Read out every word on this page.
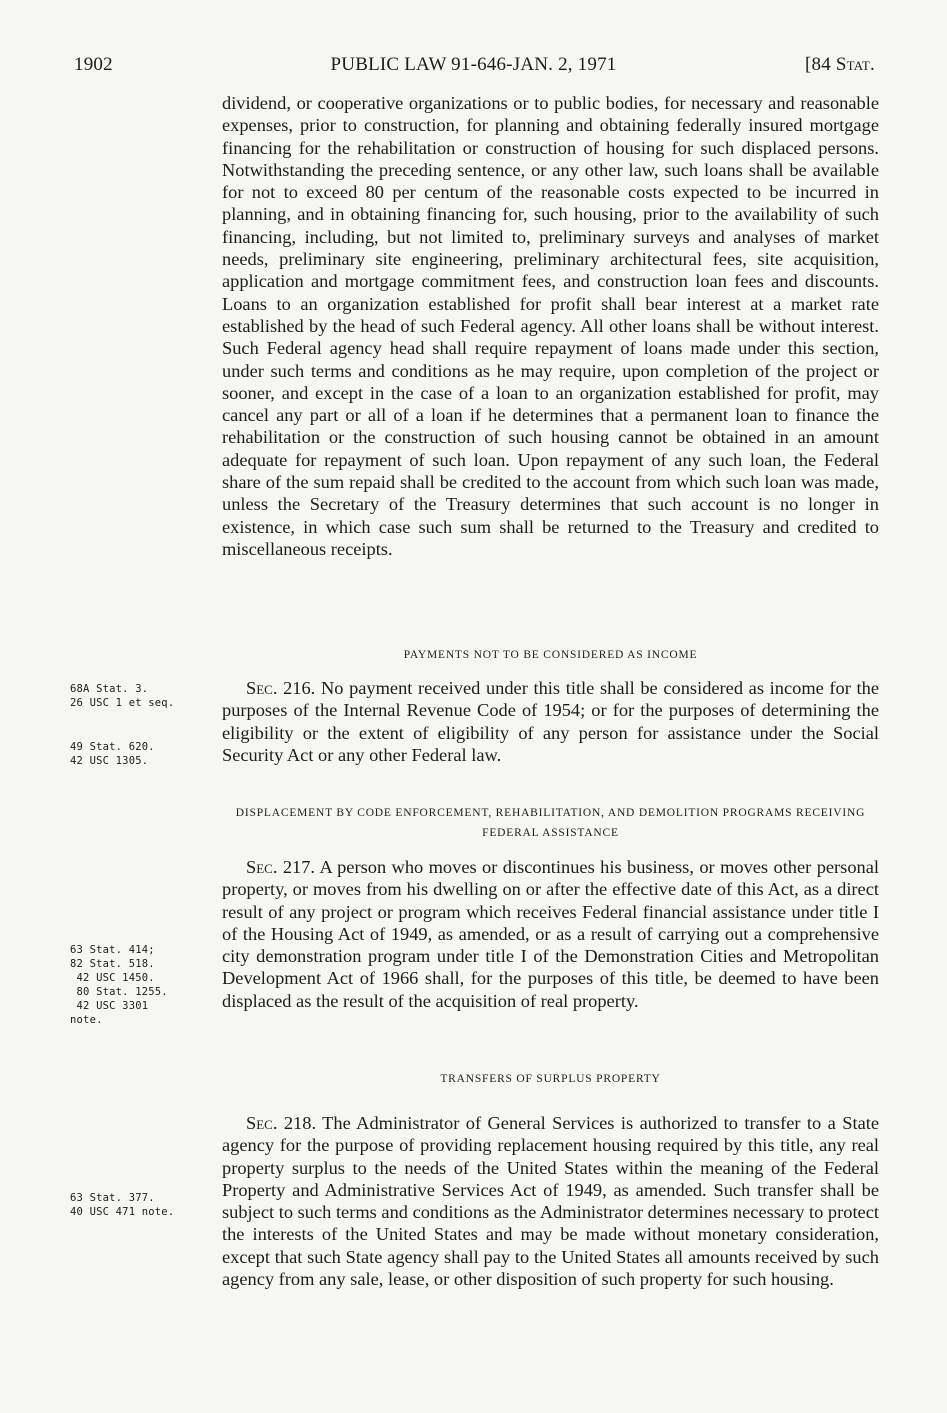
1902	PUBLIC LAW 91-646-JAN. 2, 1971	[84 Stat.

dividend, or cooperative organizations or to public bodies, for necessary and reasonable expenses, prior to construction, for planning and obtaining federally insured mortgage financing for the rehabilitation or construction of housing for such displaced persons. Notwithstanding the preceding sentence, or any other law, such loans shall be available for not to exceed 80 per centum of the reasonable costs expected to be incurred in planning, and in obtaining financing for, such housing, prior to the availability of such financing, including, but not limited to, preliminary surveys and analyses of market needs, preliminary site engineering, preliminary architectural fees, site acquisition, application and mortgage commitment fees, and construction loan fees and discounts. Loans to an organization established for profit shall bear interest at a market rate established by the head of such Federal agency. All other loans shall be without interest. Such Federal agency head shall require repayment of loans made under this section, under such terms and conditions as he may require, upon completion of the project or sooner, and except in the case of a loan to an organization established for profit, may cancel any part or all of a loan if he determines that a permanent loan to finance the rehabilitation or the construction of such housing cannot be obtained in an amount adequate for repayment of such loan. Upon repayment of any such loan, the Federal share of the sum repaid shall be credited to the account from which such loan was made, unless the Secretary of the Treasury determines that such account is no longer in existence, in which case such sum shall be returned to the Treasury and credited to miscellaneous receipts.

PAYMENTS NOT TO BE CONSIDERED AS INCOME

Sec. 216. No payment received under this title shall be considered as income for the purposes of the Internal Revenue Code of 1954; or for the purposes of determining the eligibility or the extent of eligibility of any person for assistance under the Social Security Act or any other Federal law.

DISPLACEMENT BY CODE ENFORCEMENT, REHABILITATION, AND DEMOLITION PROGRAMS RECEIVING FEDERAL ASSISTANCE

Sec. 217. A person who moves or discontinues his business, or moves other personal property, or moves from his dwelling on or after the effective date of this Act, as a direct result of any project or program which receives Federal financial assistance under title I of the Housing Act of 1949, as amended, or as a result of carrying out a comprehensive city demonstration program under title I of the Demonstration Cities and Metropolitan Development Act of 1966 shall, for the purposes of this title, be deemed to have been displaced as the result of the acquisition of real property.

TRANSFERS OF SURPLUS PROPERTY

Sec. 218. The Administrator of General Services is authorized to transfer to a State agency for the purpose of providing replacement housing required by this title, any real property surplus to the needs of the United States within the meaning of the Federal Property and Administrative Services Act of 1949, as amended. Such transfer shall be subject to such terms and conditions as the Administrator determines necessary to protect the interests of the United States and may be made without monetary consideration, except that such State agency shall pay to the United States all amounts received by such agency from any sale, lease, or other disposition of such property for such housing.

68A Stat. 3.
26 USC 1 et seq.
49 Stat. 620.
42 USC 1305.
63 Stat. 414;
82 Stat. 518.
42 USC 1450.
80 Stat. 1255.
42 USC 3301
note.
63 Stat. 377.
40 USC 471 note.
